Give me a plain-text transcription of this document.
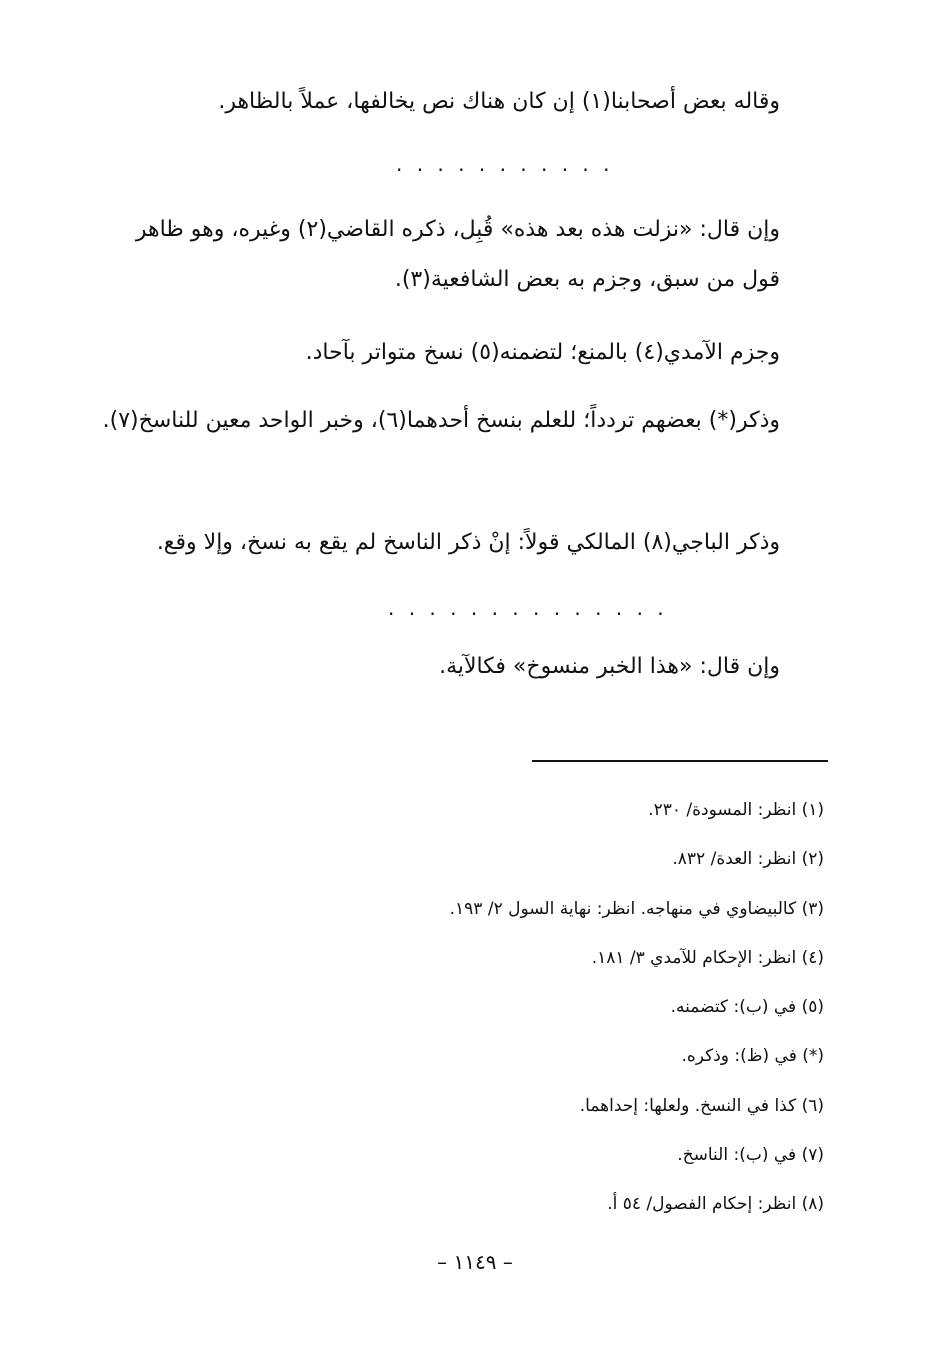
وقاله بعض أصحابنا(١) إن كان هناك نص يخالفها، عملاً بالظاهر.
. . . . . . . . . . .
وإن قال: «نزلت هذه بعد هذه» قُبِل، ذكره القاضي(٢) وغيره، وهو ظاهر قول من سبق، وجزم به بعض الشافعية(٣).
وجزم الآمدي(٤) بالمنع؛ لتضمنه(٥) نسخ متواتر بآحاد.
وذكر(*) بعضهم تردداً؛ للعلم بنسخ أحدهما(٦)، وخبر الواحد معين للناسخ(٧).
وذكر الباجي(٨) المالكي قولاً: إنْ ذكر الناسخ لم يقع به نسخ، وإلا وقع.
. . . . . . . . . . . . . .
وإن قال: «هذا الخبر منسوخ» فكالآية.
(١) انظر: المسودة/ ٢٣٠.
(٢) انظر: العدة/ ٨٣٢.
(٣) كالبيضاوي في منهاجه. انظر: نهاية السول ٢/ ١٩٣.
(٤) انظر: الإحكام للآمدي ٣/ ١٨١.
(٥) في (ب): كتضمنه.
(*) في (ظ): وذكره.
(٦) كذا في النسخ. ولعلها: إحداهما.
(٧) في (ب): الناسخ.
(٨) انظر: إحكام الفصول/ ٥٤ أ.
– ١١٤٩ –
